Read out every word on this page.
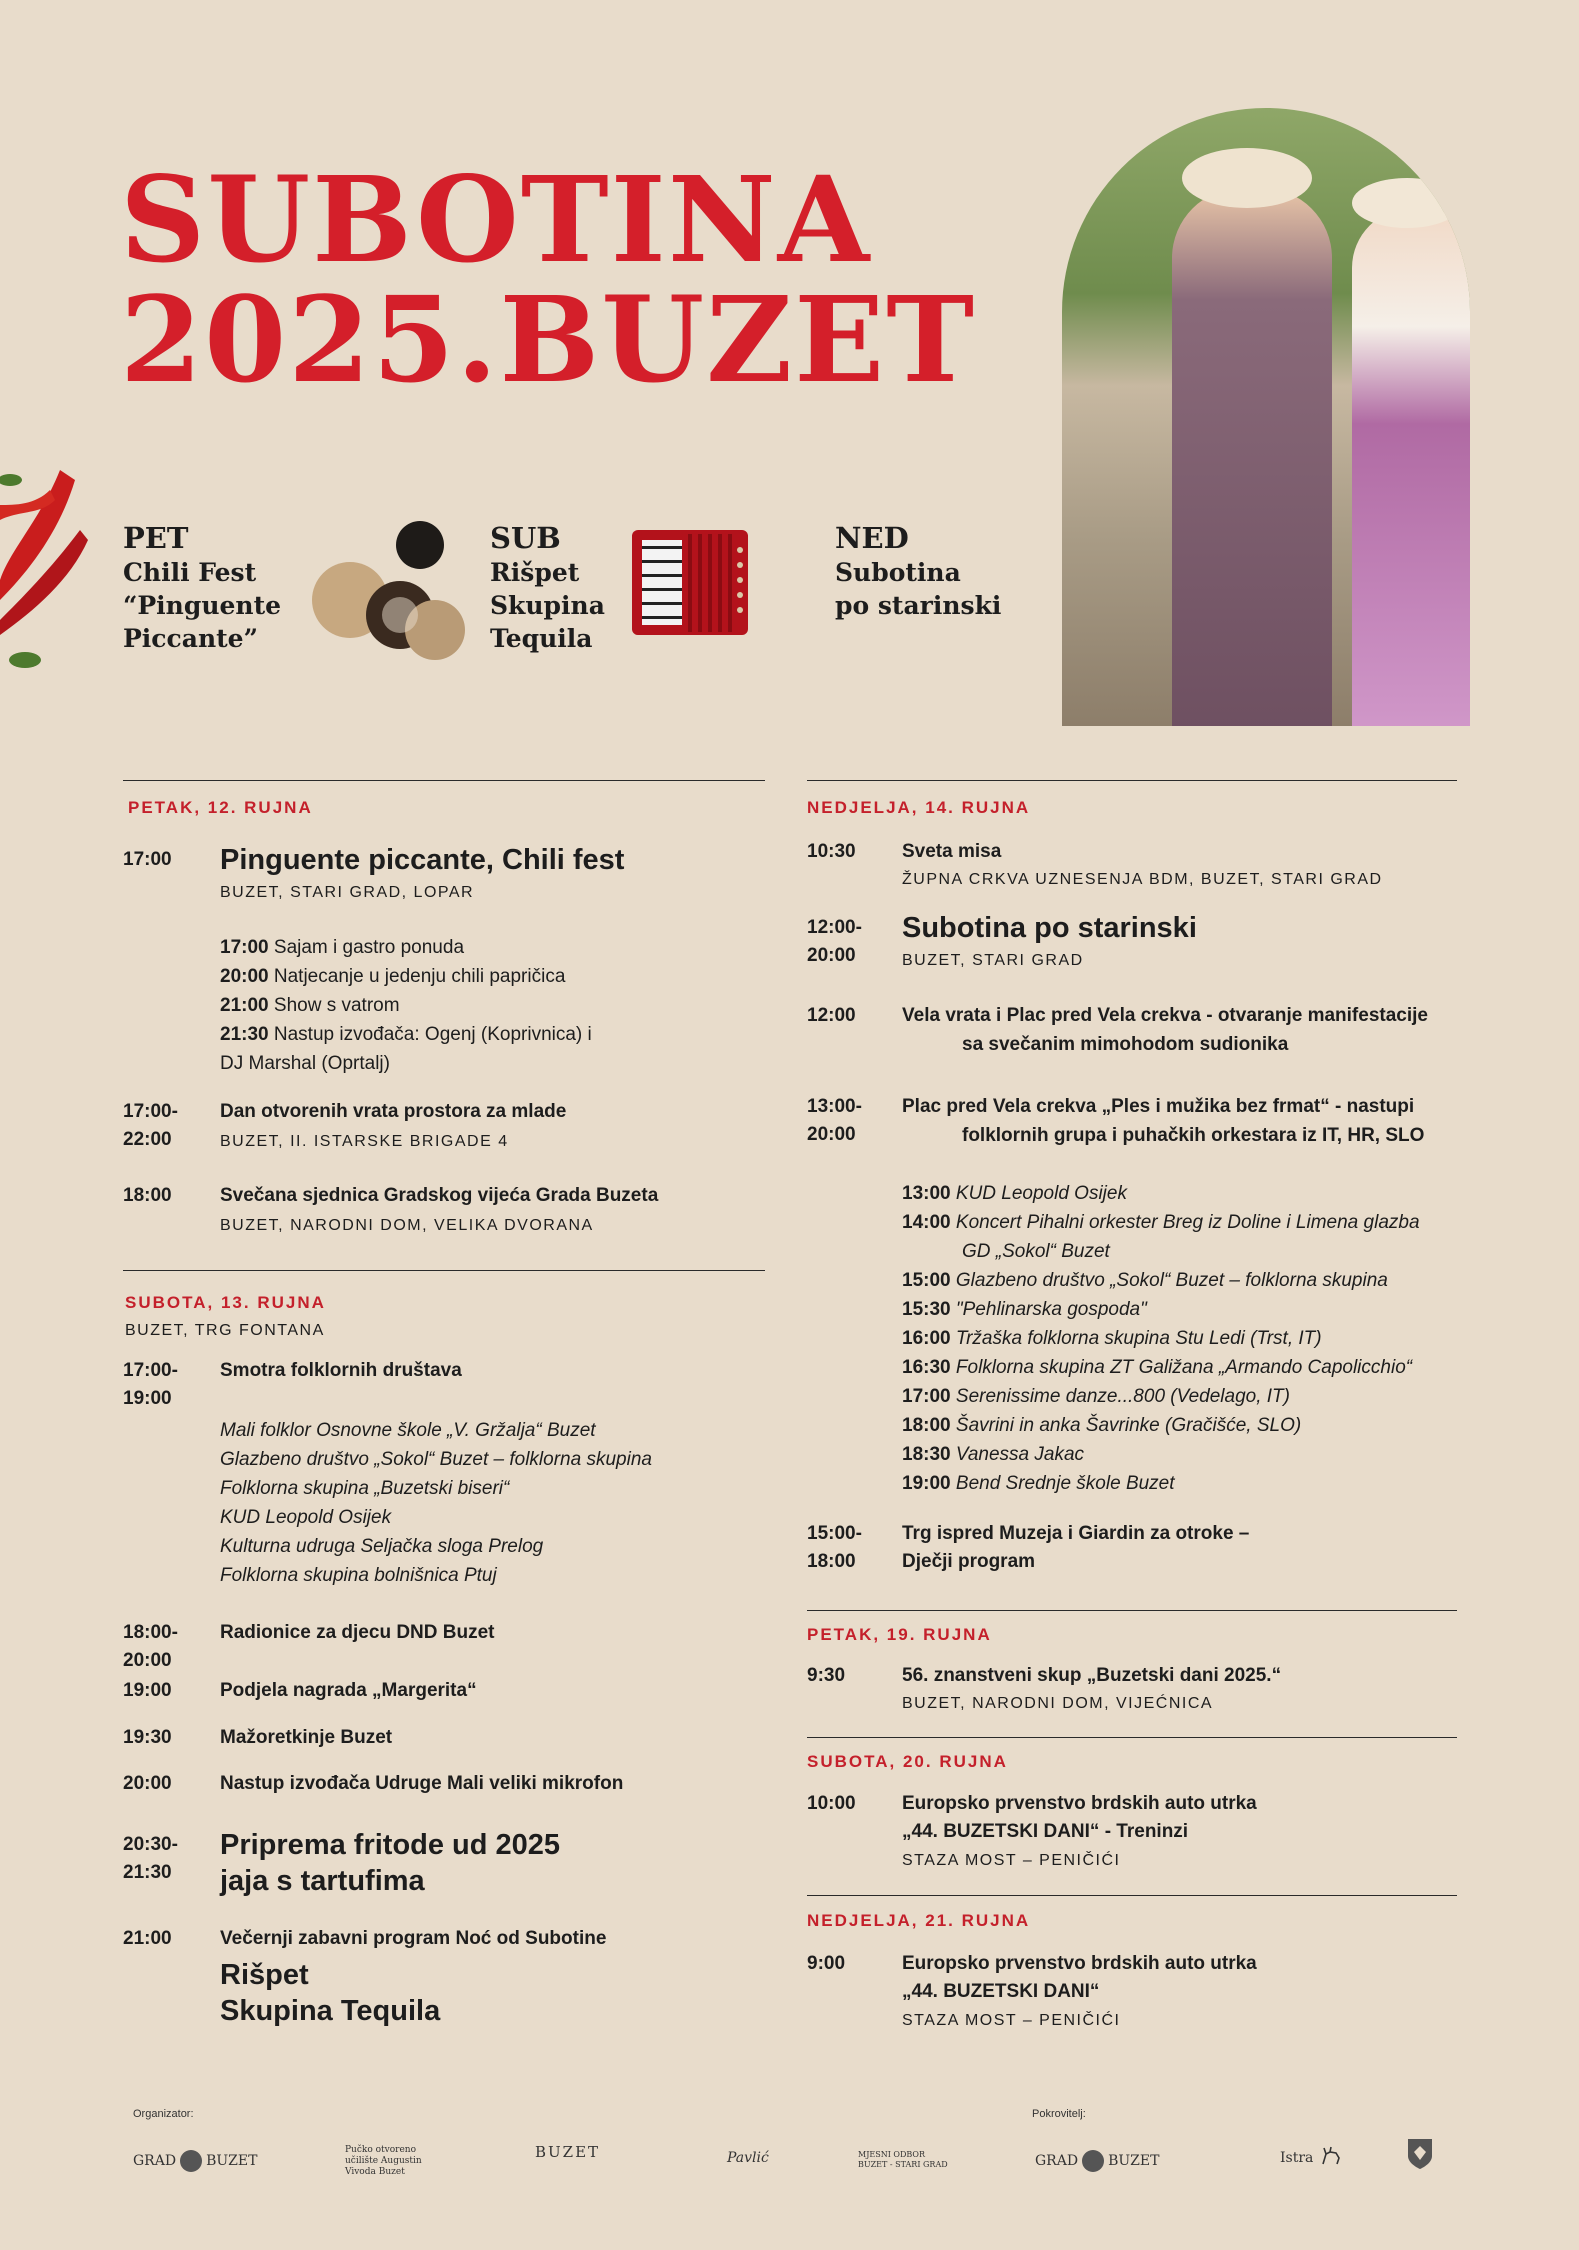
SUBOTINA
2025.BUZET
PET
Chili Fest
“Pinguente
Piccante”
SUB
Rišpet
Skupina
Tequila
NED
Subotina
po starinski
PETAK, 12. RUJNA
17:00 Pinguente piccante, Chili fest
BUZET, STARI GRAD, LOPAR
17:00 Sajam i gastro ponuda
20:00 Natjecanje u jedenju chili papričica
21:00 Show s vatrom
21:30 Nastup izvođača: Ogenj (Koprivnica) i
DJ Marshal (Oprtalj)
17:00-
22:00
Dan otvorenih vrata prostora za mlade
BUZET, II. ISTARSKE BRIGADE 4
18:00	Svečana sjednica Gradskog vijeća Grada Buzeta
BUZET, NARODNI DOM, VELIKA DVORANA
SUBOTA, 13. RUJNA
BUZET, TRG FONTANA
17:00-
19:00
Smotra folklornih društava
Mali folklor Osnovne škole „V. Gržalja“ Buzet
Glazbeno društvo „Sokol“ Buzet – folklorna skupina
Folklorna skupina „Buzetski biseri“
KUD Leopold Osijek
Kulturna udruga Seljačka sloga Prelog
Folklorna skupina bolnišnica Ptuj
18:00-
20:00
Radionice za djecu DND Buzet
19:00	Podjela nagrada „Margerita“
19:30	Mažoretkinje Buzet
20:00	Nastup izvođača Udruge Mali veliki mikrofon
20:30-
21:30
Priprema fritode ud 2025
jaja s tartufima
21:00	Večernji zabavni program Noć od Subotine
Rišpet
Skupina Tequila
NEDJELJA, 14. RUJNA
10:30 Sveta misa
ŽUPNA CRKVA UZNESENJA BDM, BUZET, STARI GRAD
12:00-
20:00
Subotina po starinski
BUZET, STARI GRAD
12:00 Vela vrata i Plac pred Vela crekva - otvaranje manifestacije
sa svečanim mimohodom sudionika
13:00-
20:00
Plac pred Vela crekva „Ples i mužika bez frmat“ - nastupi
folklornih grupa i puhačkih orkestara iz IT, HR, SLO
13:00 KUD Leopold Osijek
14:00 Koncert Pihalni orkester Breg iz Doline i Limena glazba
GD „Sokol“ Buzet
15:00 Glazbeno društvo „Sokol“ Buzet – folklorna skupina
15:30 "Pehlinarska gospoda"
16:00 Tržaška folklorna skupina Stu Ledi (Trst, IT)
16:30 Folklorna skupina ZT Galižana „Armando Capolicchio“
17:00 Serenissime danze...800 (Vedelago, IT)
18:00 Šavrini in anka Šavrinke (Gračišće, SLO)
18:30 Vanessa Jakac
19:00 Bend Srednje škole Buzet
15:00-
18:00
Trg ispred Muzeja i Giardin za otroke –
Dječji program
PETAK, 19. RUJNA
9:30	56. znanstveni skup „Buzetski dani 2025.“
BUZET, NARODNI DOM, VIJEĆNICA
SUBOTA, 20. RUJNA
10:00 Europsko prvenstvo brdskih auto utrka
„44. BUZETSKI DANI“ - Treninzi
STAZA MOST – PENIČIĆI
NEDJELJA, 21. RUJNA
9:00	Europsko prvenstvo brdskih auto utrka
„44. BUZETSKI DANI“
STAZA MOST – PENIČIĆI
Organizator:	Pokrovitelj:
GRAD BUZET
Pučko otvoreno učilište Augustin Vivoda Buzet
BUZET	Pavlić	MJESNI ODBOR BUZET - STARI GRAD	GRAD BUZET	Istra
